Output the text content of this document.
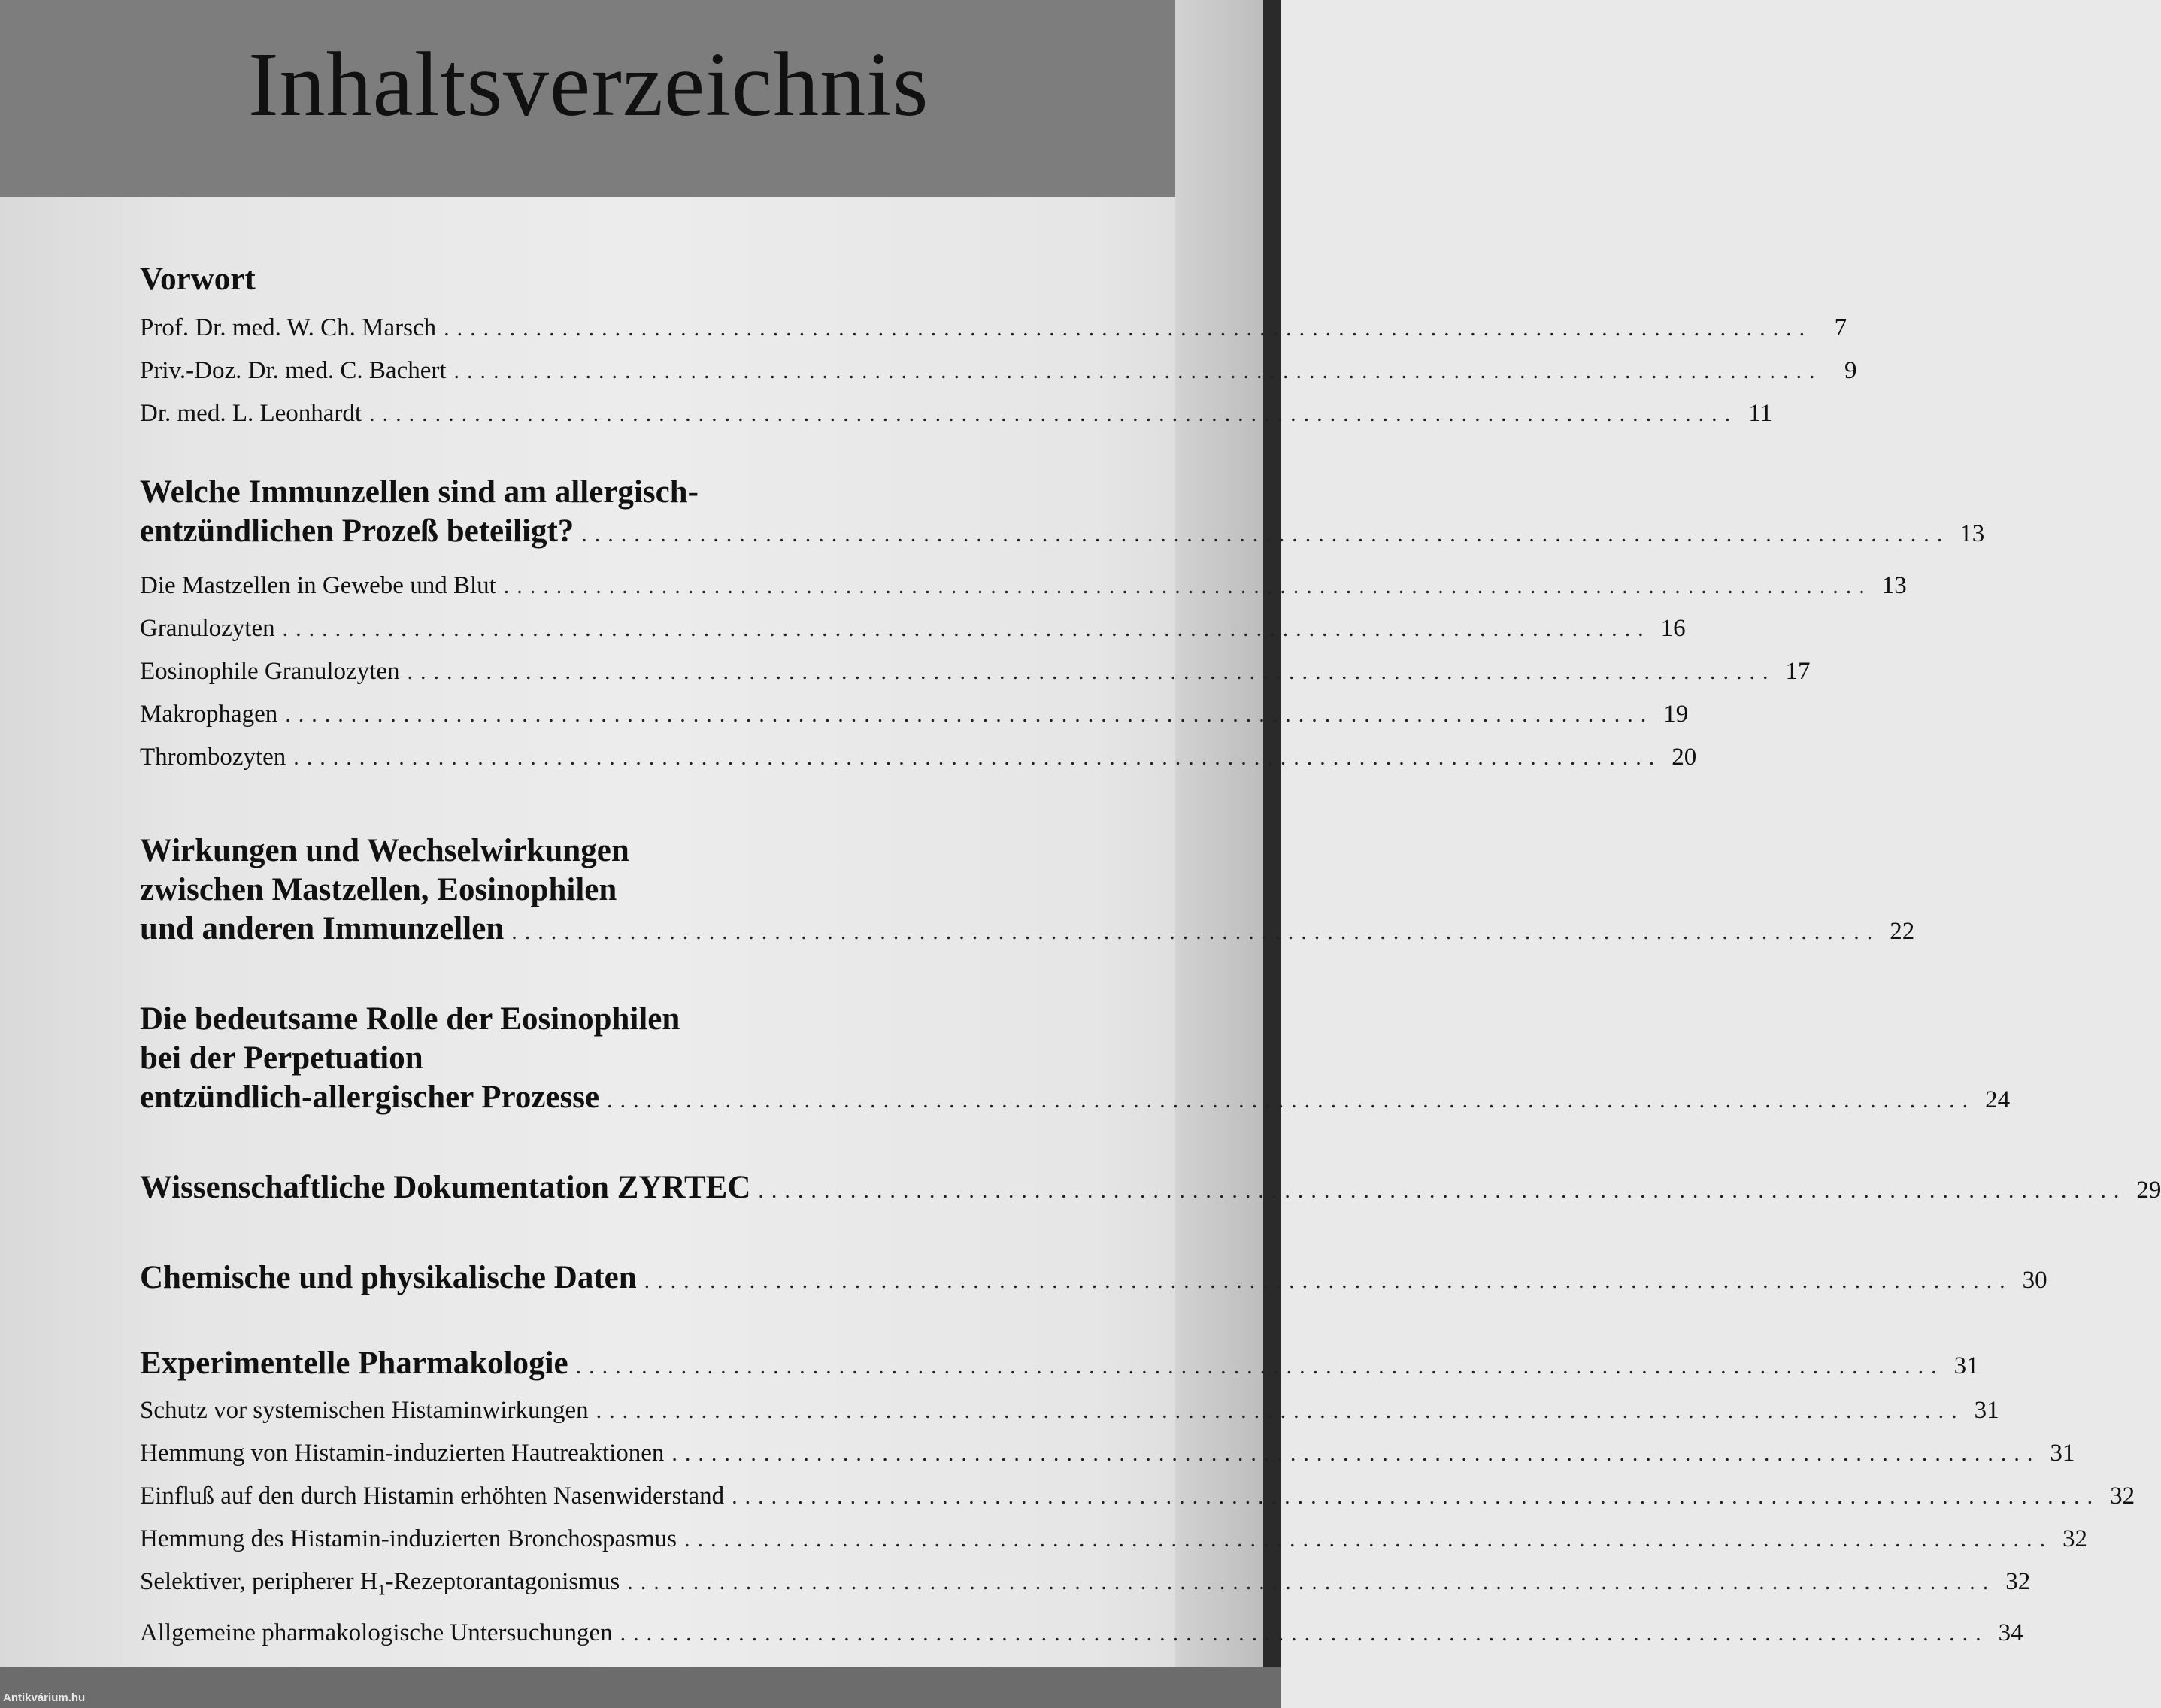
Inhaltsverzeichnis
Vorwort
Prof. Dr. med. W. Ch. Marsch ........................................................................................................ 7
Priv.-Doz. Dr. med. C. Bachert ........................................................................................................ 9
Dr. med. L. Leonhardt ........................................................................................................ 11
Welche Immunzellen sind am allergisch-
entzündlichen Prozeß beteiligt? ........................................................................................................ 13
Die Mastzellen in Gewebe und Blut ........................................................................................................ 13
Granulozyten ........................................................................................................ 16
Eosinophile Granulozyten ........................................................................................................ 17
Makrophagen ........................................................................................................ 19
Thrombozyten ........................................................................................................ 20
Wirkungen und Wechselwirkungen
zwischen Mastzellen, Eosinophilen
und anderen Immunzellen ........................................................................................................ 22
Die bedeutsame Rolle der Eosinophilen
bei der Perpetuation
entzündlich-allergischer Prozesse ........................................................................................................ 24
Wissenschaftliche Dokumentation ZYRTEC ........................................................................................................ 29
Chemische und physikalische Daten ........................................................................................................ 30
Experimentelle Pharmakologie ........................................................................................................ 31
Schutz vor systemischen Histaminwirkungen ........................................................................................................ 31
Hemmung von Histamin-induzierten Hautreaktionen ........................................................................................................ 31
Einfluß auf den durch Histamin erhöhten Nasenwiderstand ........................................................................................................ 32
Hemmung des Histamin-induzierten Bronchospasmus ........................................................................................................ 32
Selektiver, peripherer $H_1$-Rezeptorantagonismus ........................................................................................................ 32
Allgemeine pharmakologische Untersuchungen ........................................................................................................ 34
Antikvárium.hu
